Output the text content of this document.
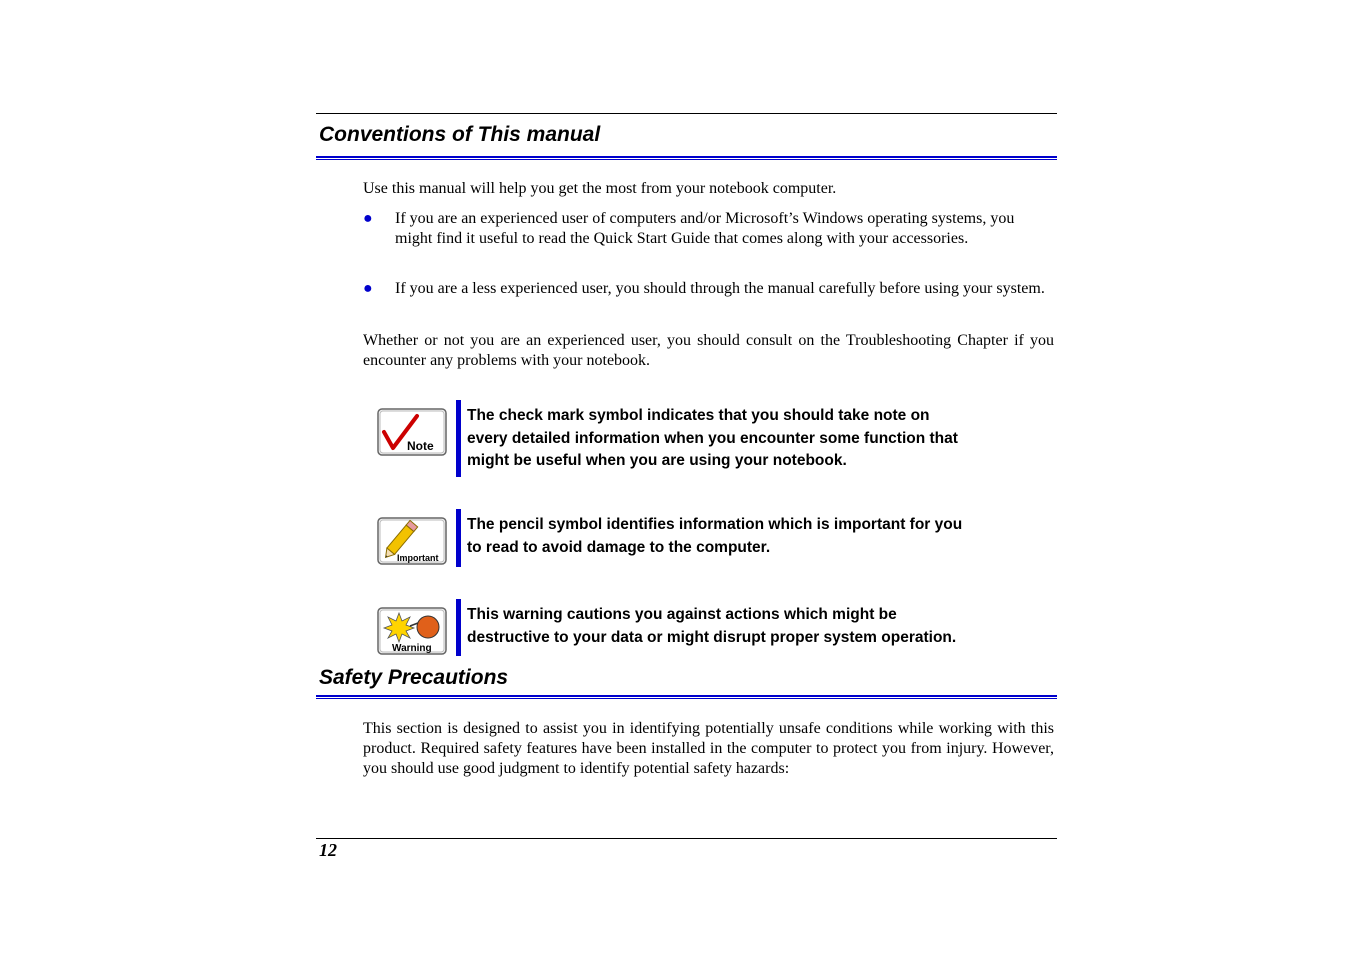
Conventions of This manual
Use this manual will help you get the most from your notebook computer.
● If you are an experienced user of computers and/or Microsoft’s Windows operating systems, you might find it useful to read the Quick Start Guide that comes along with your accessories.
● If you are a less experienced user, you should through the manual carefully before using your system.
Whether or not you are an experienced user, you should consult on the Troubleshooting Chapter if you encounter any problems with your notebook.
Note
The check mark symbol indicates that you should take note on
every detailed information when you encounter some function that
might be useful when you are using your notebook.
Important
The pencil symbol identifies information which is important for you
to read to avoid damage to the computer.
Warning
This warning cautions you against actions which might be
destructive to your data or might disrupt proper system operation.
Safety Precautions
This section is designed to assist you in identifying potentially unsafe conditions while working with this product. Required safety features have been installed in the computer to protect you from injury. However, you should use good judgment to identify potential safety hazards:
12
